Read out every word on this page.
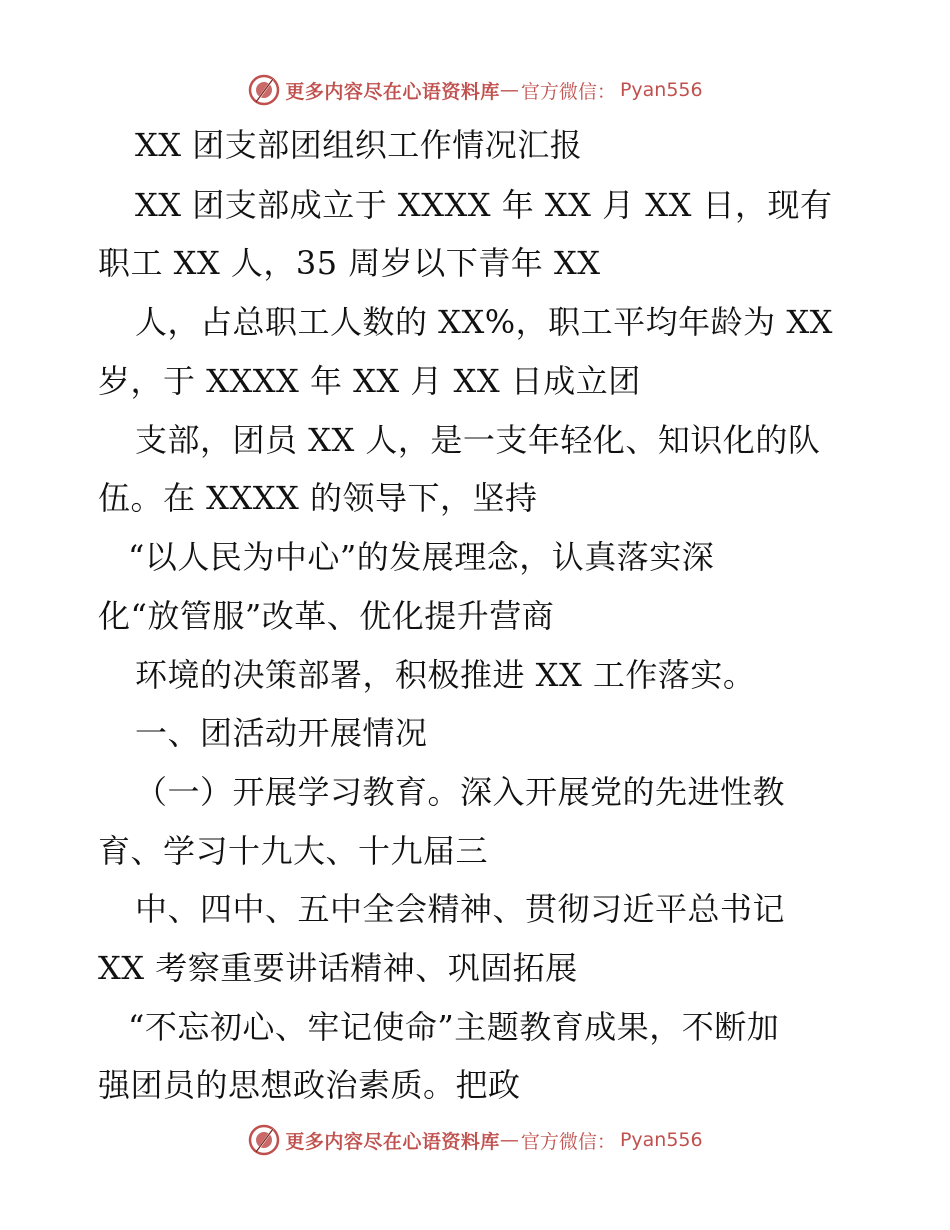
更多内容尽在心语资料库 — 官方微信： Pyan556
XX 团支部团组织工作情况汇报
XX 团支部成立于 XXXX 年 XX 月 XX 日，现有
职工 XX 人，35 周岁以下青年 XX
人，占总职工人数的 XX%，职工平均年龄为 XX
岁，于 XXXX 年 XX 月 XX 日成立团
支部，团员 XX 人，是一支年轻化、知识化的队
伍。在 XXXX 的领导下，坚持
“以人民为中心”的发展理念，认真落实深
化“放管服”改革、优化提升营商
环境的决策部署，积极推进 XX 工作落实。
一、团活动开展情况
（一）开展学习教育。深入开展党的先进性教
育、学习十九大、十九届三
中、四中、五中全会精神、贯彻习近平总书记
XX 考察重要讲话精神、巩固拓展
“不忘初心、牢记使命”主题教育成果，不断加
强团员的思想政治素质。把政
更多内容尽在心语资料库 — 官方微信： Pyan556
